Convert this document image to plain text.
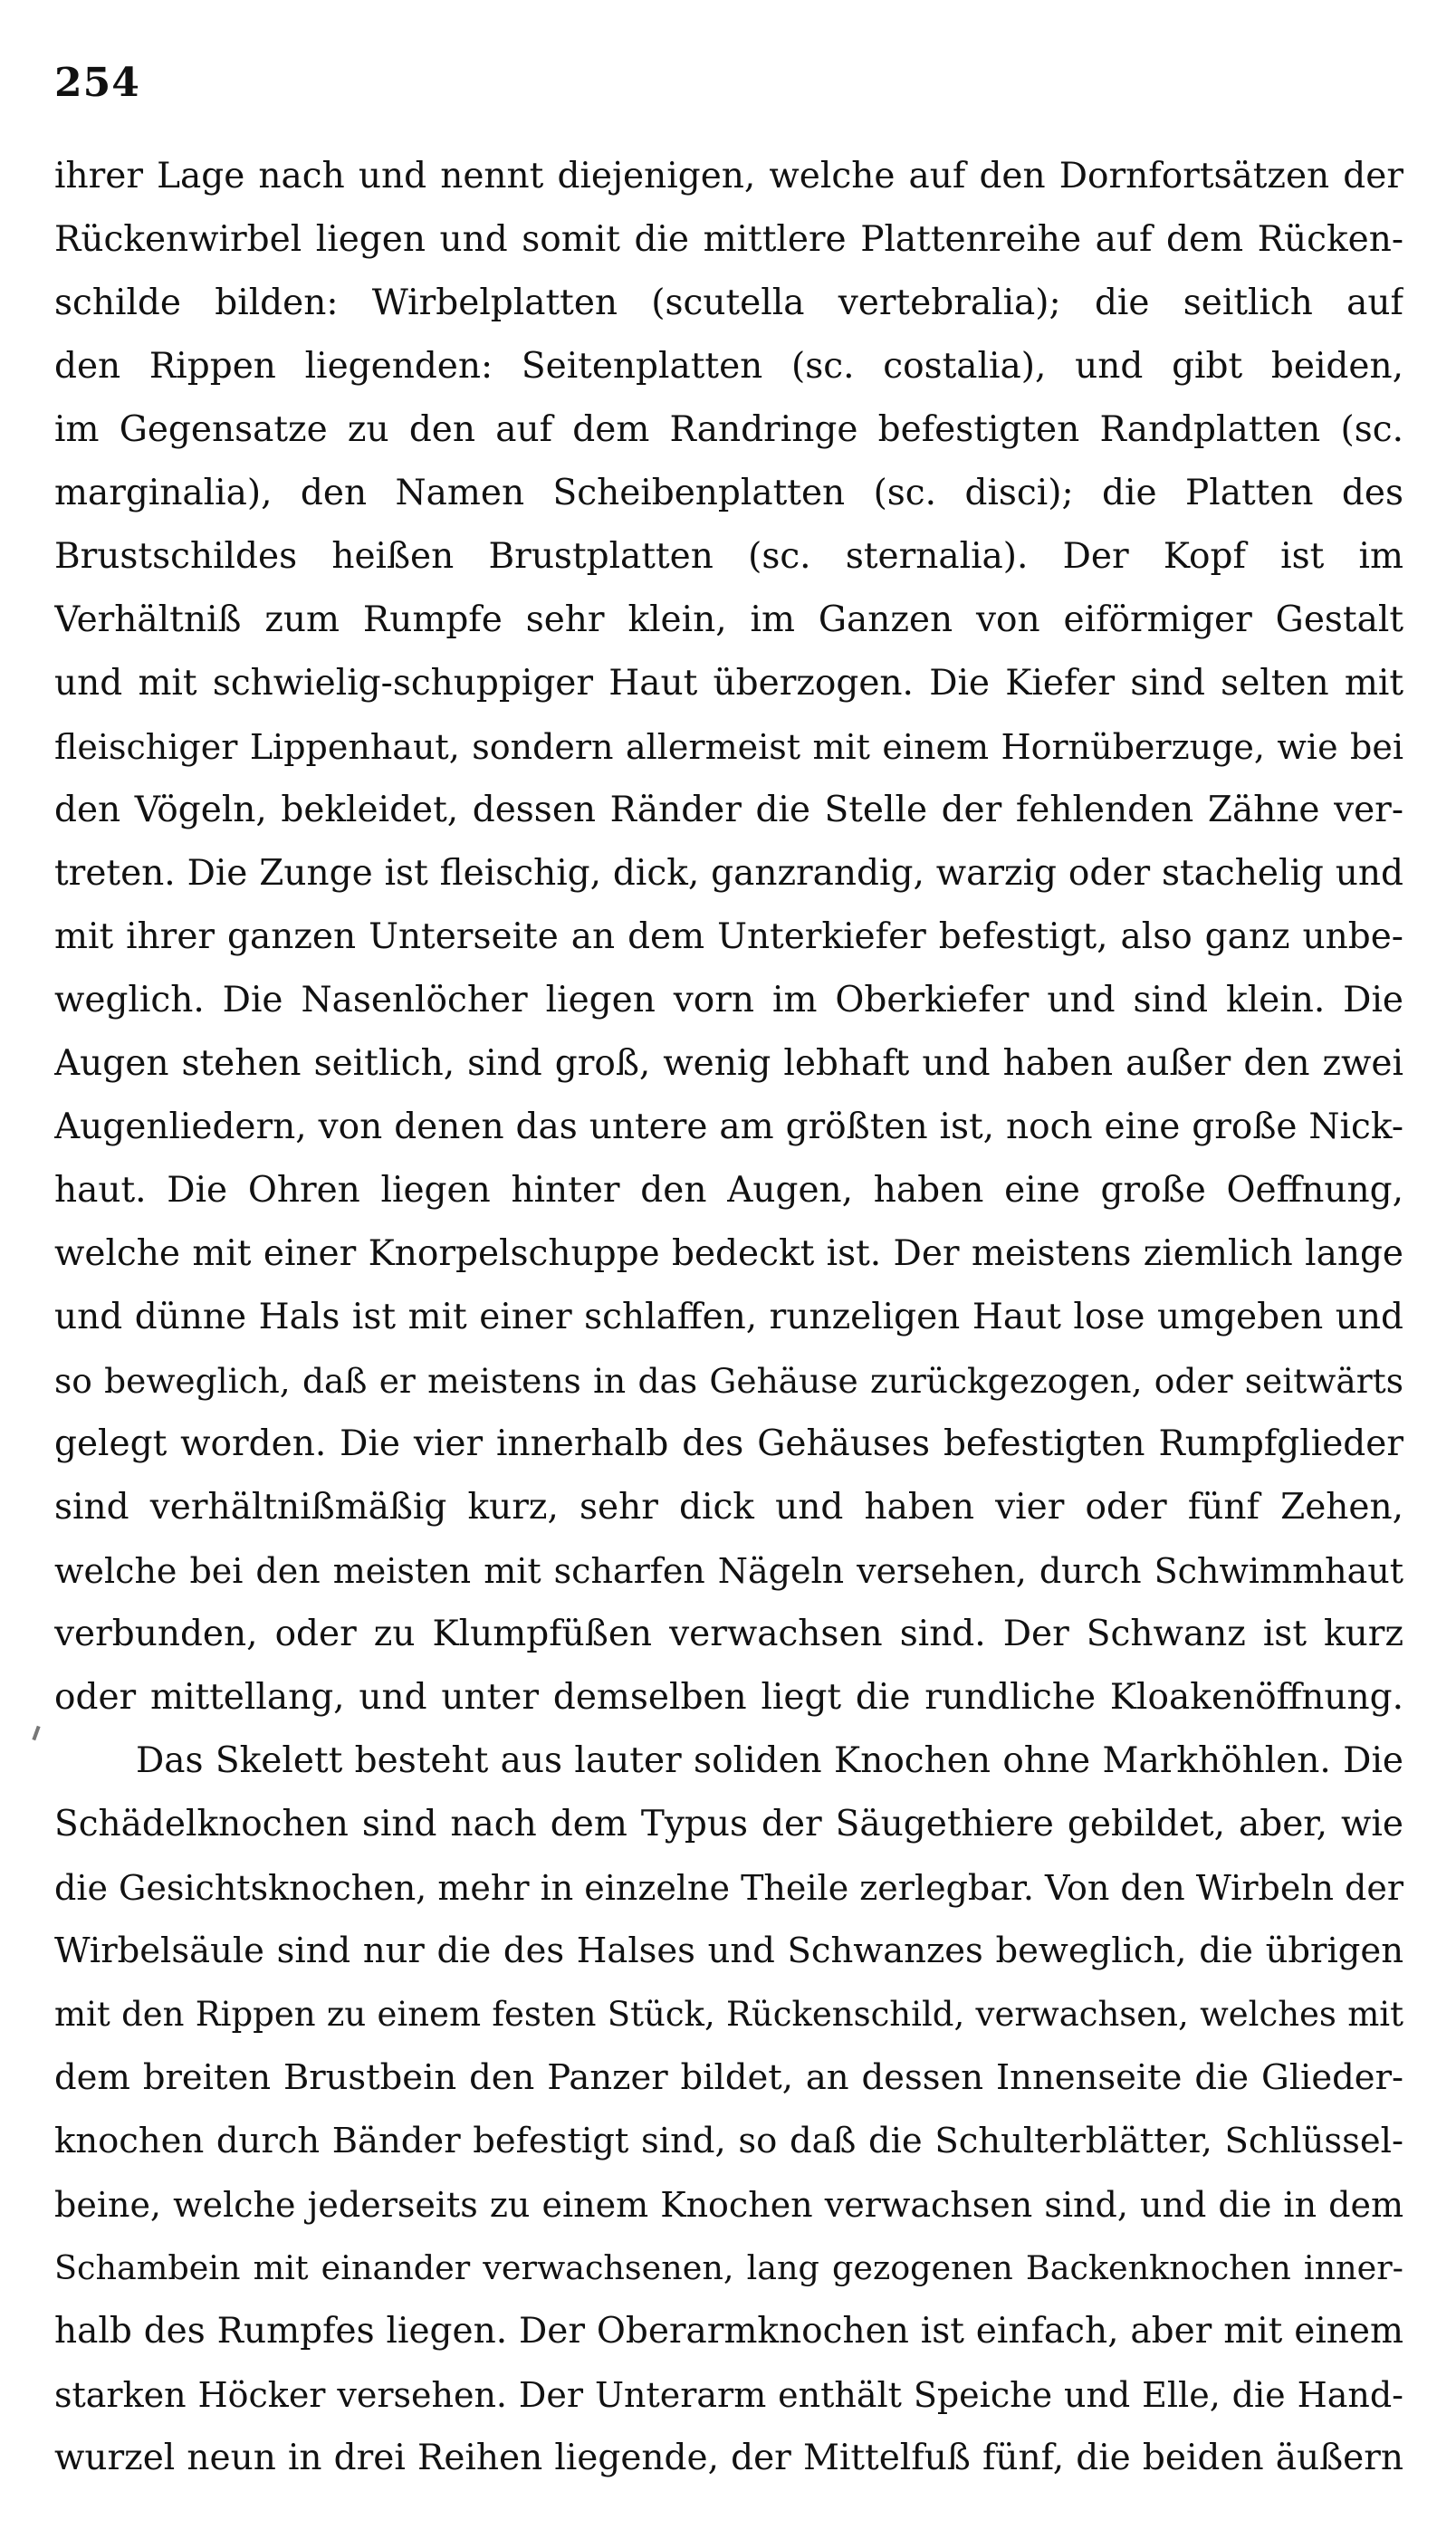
254
ihrer Lage nach und nennt diejenigen, welche auf den Dornfortsätzen der
Rückenwirbel liegen und somit die mittlere Plattenreihe auf dem Rücken-
schilde bilden: Wirbelplatten (scutella vertebralia); die seitlich auf
den Rippen liegenden: Seitenplatten (sc. costalia), und gibt beiden,
im Gegensatze zu den auf dem Randringe befestigten Randplatten (sc.
marginalia), den Namen Scheibenplatten (sc. disci); die Platten des
Brustschildes heißen Brustplatten (sc. sternalia). Der Kopf ist im
Verhältniß zum Rumpfe sehr klein, im Ganzen von eiförmiger Gestalt
und mit schwielig-schuppiger Haut überzogen. Die Kiefer sind selten mit
fleischiger Lippenhaut, sondern allermeist mit einem Hornüberzuge, wie bei
den Vögeln, bekleidet, dessen Ränder die Stelle der fehlenden Zähne ver-
treten. Die Zunge ist fleischig, dick, ganzrandig, warzig oder stachelig und
mit ihrer ganzen Unterseite an dem Unterkiefer befestigt, also ganz unbe-
weglich. Die Nasenlöcher liegen vorn im Oberkiefer und sind klein. Die
Augen stehen seitlich, sind groß, wenig lebhaft und haben außer den zwei
Augenliedern, von denen das untere am größten ist, noch eine große Nick-
haut. Die Ohren liegen hinter den Augen, haben eine große Oeffnung,
welche mit einer Knorpelschuppe bedeckt ist. Der meistens ziemlich lange
und dünne Hals ist mit einer schlaffen, runzeligen Haut lose umgeben und
so beweglich, daß er meistens in das Gehäuse zurückgezogen, oder seitwärts
gelegt worden. Die vier innerhalb des Gehäuses befestigten Rumpfglieder
sind verhältnißmäßig kurz, sehr dick und haben vier oder fünf Zehen,
welche bei den meisten mit scharfen Nägeln versehen, durch Schwimmhaut
verbunden, oder zu Klumpfüßen verwachsen sind. Der Schwanz ist kurz
oder mittellang, und unter demselben liegt die rundliche Kloakenöffnung.
Das Skelett besteht aus lauter soliden Knochen ohne Markhöhlen. Die
Schädelknochen sind nach dem Typus der Säugethiere gebildet, aber, wie
die Gesichtsknochen, mehr in einzelne Theile zerlegbar. Von den Wirbeln der
Wirbelsäule sind nur die des Halses und Schwanzes beweglich, die übrigen
mit den Rippen zu einem festen Stück, Rückenschild, verwachsen, welches mit
dem breiten Brustbein den Panzer bildet, an dessen Innenseite die Glieder-
knochen durch Bänder befestigt sind, so daß die Schulterblätter, Schlüssel-
beine, welche jederseits zu einem Knochen verwachsen sind, und die in dem
Schambein mit einander verwachsenen, lang gezogenen Backenknochen inner-
halb des Rumpfes liegen. Der Oberarmknochen ist einfach, aber mit einem
starken Höcker versehen. Der Unterarm enthält Speiche und Elle, die Hand-
wurzel neun in drei Reihen liegende, der Mittelfuß fünf, die beiden äußern
